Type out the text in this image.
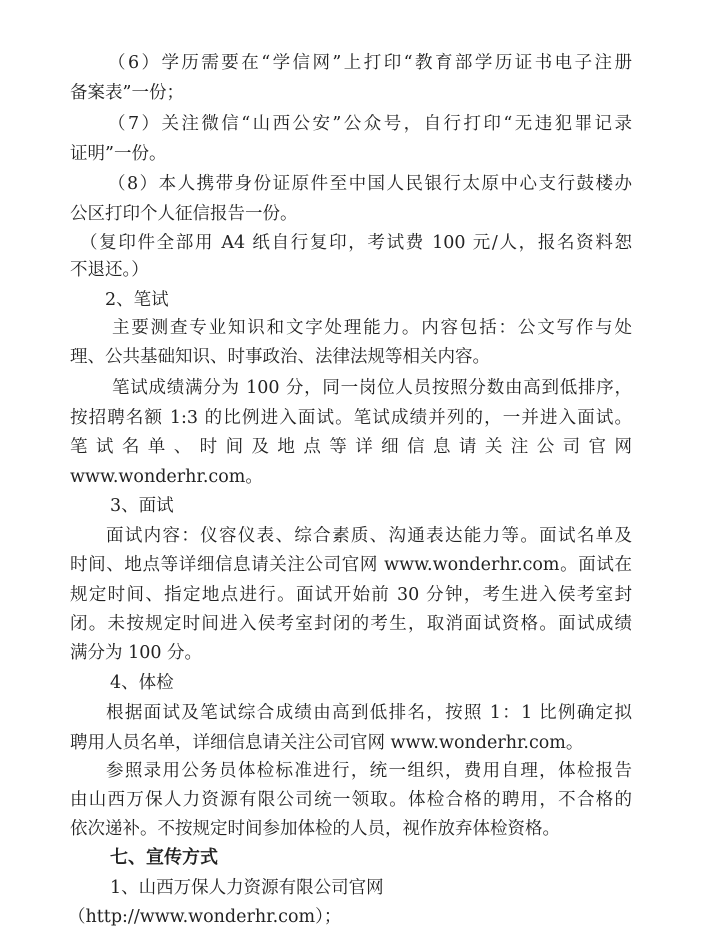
（6）学历需要在“学信网”上打印“教育部学历证书电子注册
备案表”一份；
（7）关注微信“山西公安”公众号，自行打印“无违犯罪记录
证明”一份。
（8）本人携带身份证原件至中国人民银行太原中心支行鼓楼办
公区打印个人征信报告一份。
（复印件全部用 A4 纸自行复印，考试费 100 元/人，报名资料恕
不退还。）
2、笔试
主要测查专业知识和文字处理能力。内容包括：公文写作与处
理、公共基础知识、时事政治、法律法规等相关内容。
笔试成绩满分为 100 分，同一岗位人员按照分数由高到低排序，
按招聘名额 1:3 的比例进入面试。笔试成绩并列的，一并进入面试。
笔 试 名 单 、 时 间 及 地 点 等 详 细 信 息 请 关 注 公 司 官 网
www.wonderhr.com。
3、面试
面试内容：仪容仪表、综合素质、沟通表达能力等。面试名单及
时间、地点等详细信息请关注公司官网 www.wonderhr.com。面试在
规定时间、指定地点进行。面试开始前 30 分钟，考生进入侯考室封
闭。未按规定时间进入侯考室封闭的考生，取消面试资格。面试成绩
满分为 100 分。
4、体检
根据面试及笔试综合成绩由高到低排名，按照 1：1 比例确定拟
聘用人员名单，详细信息请关注公司官网 www.wonderhr.com。
参照录用公务员体检标准进行，统一组织，费用自理，体检报告
由山西万保人力资源有限公司统一领取。体检合格的聘用，不合格的
依次递补。不按规定时间参加体检的人员，视作放弃体检资格。
七、宣传方式
1、山西万保人力资源有限公司官网
（http://www.wonderhr.com）；
